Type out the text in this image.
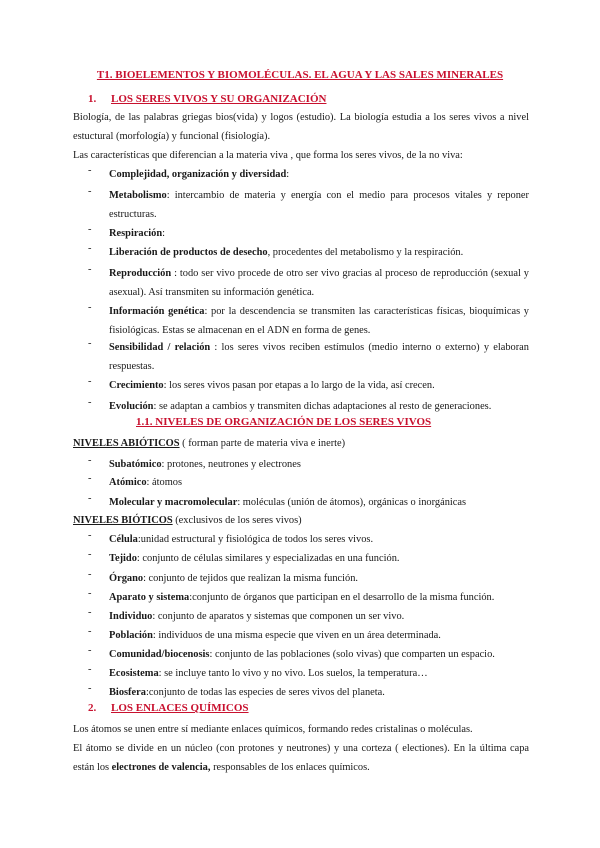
T1. BIOELEMENTOS Y BIOMOLÉCULAS. EL AGUA Y LAS SALES MINERALES
1. LOS SERES VIVOS Y SU ORGANIZACIÓN
Biología, de las palabras griegas bios(vida) y logos (estudio). La biología estudia a los seres vivos a nivel estuctural (morfología) y funcional (fisiología).
Las características que diferencian a la materia viva , que forma los seres vivos, de la no viva:
- Complejidad, organización y diversidad:
- Metabolismo: intercambio de materia y energía con el medio para procesos vitales y reponer estructuras.
- Respiración:
- Liberación de productos de desecho, procedentes del metabolismo y la respiración.
- Reproducción : todo ser vivo procede de otro ser vivo gracias al proceso de reproducción (sexual y asexual). Así transmiten su información genética.
- Información genética: por la descendencia se transmiten las características físicas, bioquímicas y fisiológicas. Estas se almacenan en el ADN en forma de genes.
- Sensibilidad / relación : los seres vivos reciben estímulos (medio interno o externo) y elaboran respuestas.
- Crecimiento: los seres vivos pasan por etapas a lo largo de la vida, así crecen.
- Evolución: se adaptan a cambios y transmiten dichas adaptaciones al resto de generaciones.
1.1. NIVELES DE ORGANIZACIÓN DE LOS SERES VIVOS
NIVELES ABIÓTICOS ( forman parte de materia viva e inerte)
- Subatómico: protones, neutrones y electrones
- Atómico: átomos
- Molecular y macromolecular: moléculas (unión de átomos), orgánicas o inorgánicas
NIVELES BIÓTICOS (exclusivos de los seres vivos)
- Célula:unidad estructural y fisiológica de todos los seres vivos.
- Tejido: conjunto de células similares y especializadas en una función.
- Órgano: conjunto de tejidos que realizan la misma función.
- Aparato y sistema:conjunto de órganos que participan en el desarrollo de la misma función.
- Individuo: conjunto de aparatos y sistemas que componen un ser vivo.
- Población: individuos de una misma especie que viven en un área determinada.
- Comunidad/biocenosis: conjunto de las poblaciones (solo vivas) que comparten un espacio.
- Ecosistema: se incluye tanto lo vivo y no vivo. Los suelos, la temperatura…
- Biosfera:conjunto de todas las especies de seres vivos del planeta.
2. LOS ENLACES QUÍMICOS
Los átomos se unen entre sí mediante enlaces químicos, formando redes cristalinas o moléculas.
El átomo se divide en un núcleo (con protones y neutrones) y una corteza ( electiones). En la última capa están los electrones de valencia, responsables de los enlaces químicos.
